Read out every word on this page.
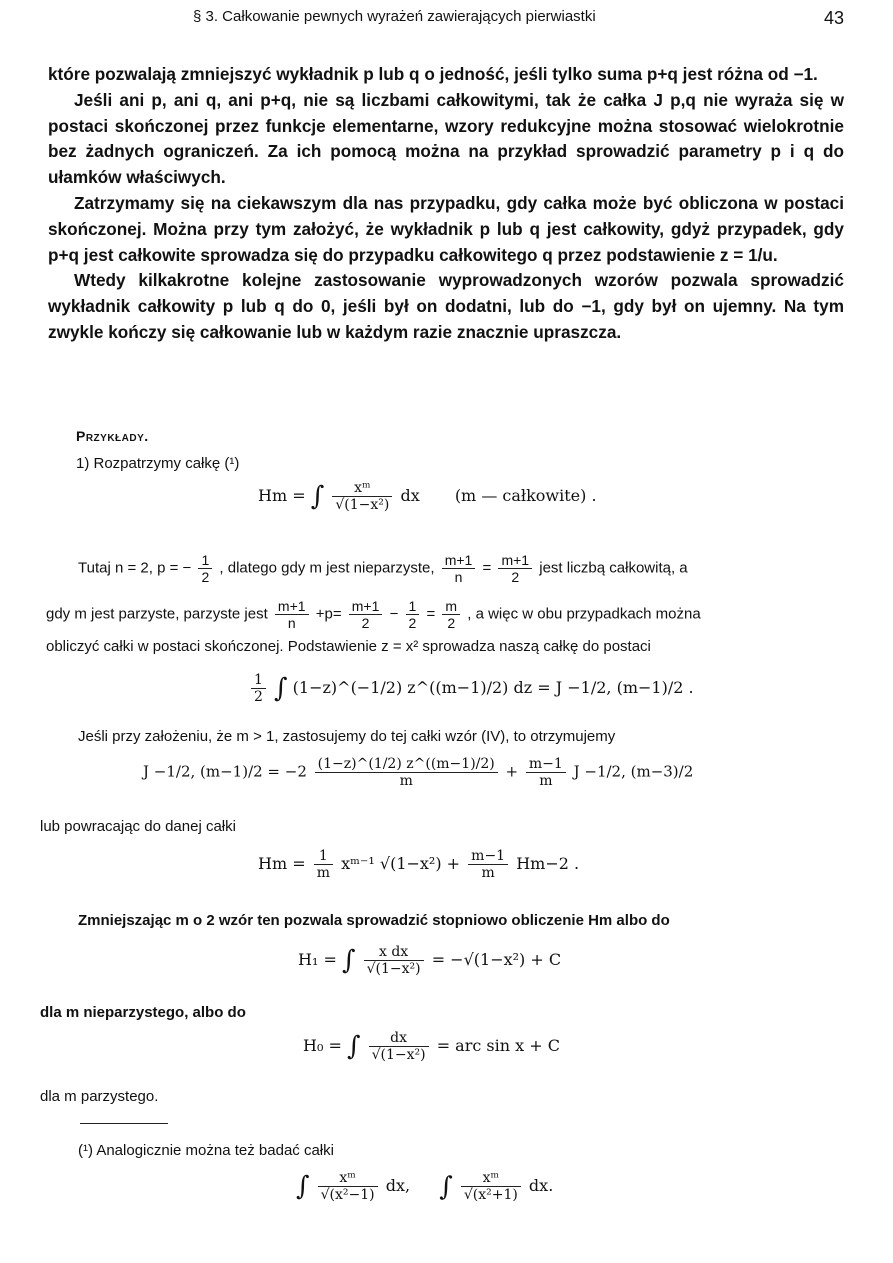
§ 3. Całkowanie pewnych wyrażeń zawierających pierwiastki	43

które pozwalają zmniejszyć wykładnik p lub q o jedność, jeśli tylko suma p+q jest różna od −1.

Jeśli ani p, ani q, ani p+q, nie są liczbami całkowitymi, tak że całka J p,q nie wyraża się w postaci skończonej przez funkcje elementarne, wzory redukcyjne można stosować wielokrotnie bez żadnych ograniczeń. Za ich pomocą można na przykład sprowadzić parametry p i q do ułamków właściwych.

Zatrzymamy się na ciekawszym dla nas przypadku, gdy całka może być obliczona w postaci skończonej. Można przy tym założyć, że wykładnik p lub q jest całkowity, gdyż przypadek, gdy p+q jest całkowite sprowadza się do przypadku całkowitego q przez podstawienie z = 1/u.

Wtedy kilkakrotne kolejne zastosowanie wyprowadzonych wzorów pozwala sprowadzić wykładnik całkowity p lub q do 0, jeśli był on dodatni, lub do −1, gdy był on ujemny. Na tym zwykle kończy się całkowanie lub w każdym razie znacznie upraszcza.

Przykłady.
1) Rozpatrzymy całkę (¹)
Hm = ∫ $\frac{\text{xᵐ}}{\text{√(1−x²)}}$ dx (m — całkowite) .
Tutaj n = 2, p = − $\frac{1}{2}$ , dlatego gdy m jest nieparzyste, $\frac{m+1}{n} = \frac{m+1}{2}$ jest liczbą całkowitą, a
gdy m jest parzyste, parzyste jest $\frac{m+1}{n} +p= \frac{m+1}{2} - \frac{1}{2} = \frac{m}{2}$ , a więc w obu przypadkach można
obliczyć całki w postaci skończonej. Podstawienie z = x² sprowadza naszą całkę do postaci
$\frac{1}{2}$ ∫ (1−z)^(−1/2) z^((m−1)/2) dz = J −1/2, (m−1)/2 .
Jeśli przy założeniu, że m > 1, zastosujemy do tej całki wzór (IV), to otrzymujemy
J −1/2, $(m-1)/2 = -2 \frac{(1-z)\^{}(1/2) z\^{}((m-1)/2)}{m} + \frac{m-1}{m}$ J −1/2, (m−3)/2
lub powracając do danej całki
$Hm = \frac{1}{m}$ xᵐ⁻¹ $√(1-x^2) + \frac{m-1}{m} Hm-2$ .
Zmniejszając m o 2 wzór ten pozwala sprowadzić stopniowo obliczenie Hm albo do
H₁ = ∫ $\frac{\text{x dx}}{\text{√(1−x²)}} = -√(1-x^2) + C$
dla m nieparzystego, albo do
H₀ = ∫ $\frac{dx}{\text{√(1−x²)}}$ = arc sin x + C
dla m parzystego.
(¹) Analogicznie można też badać całki
∫ $\frac{\text{xᵐ}}{\text{√(x²−1)}}$ dx, ∫ $\frac{\text{xᵐ}}{\text{√(x²+1)}}$ dx.
